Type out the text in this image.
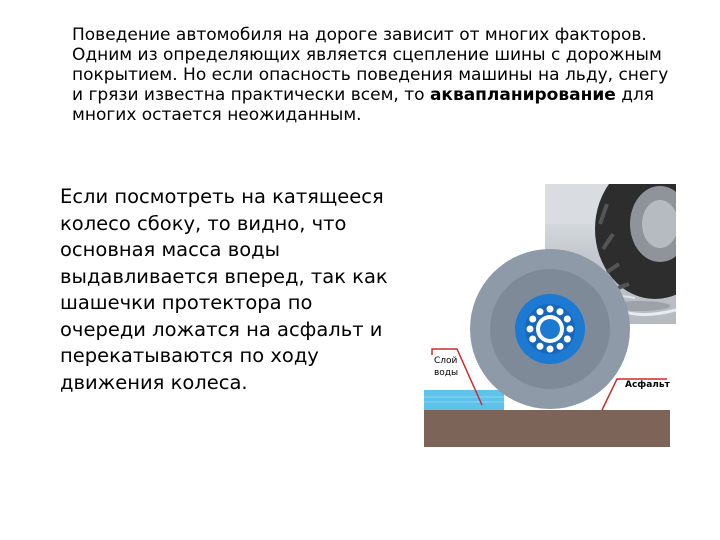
Поведение автомобиля на дороге зависит от многих факторов. Одним из определяющих является сцепление шины с дорожным покрытием. Но если опасность поведения машины на льду, снегу и грязи известна практически всем, то аквапланирование для многих остается неожиданным.

Если посмотреть на катящееся колесо сбоку, то видно, что основная масса воды выдавливается вперед, так как шашечки протектора по очереди ложатся на асфальт и перекатываются по ходу движения колеса.

Слой
воды
Асфальт
